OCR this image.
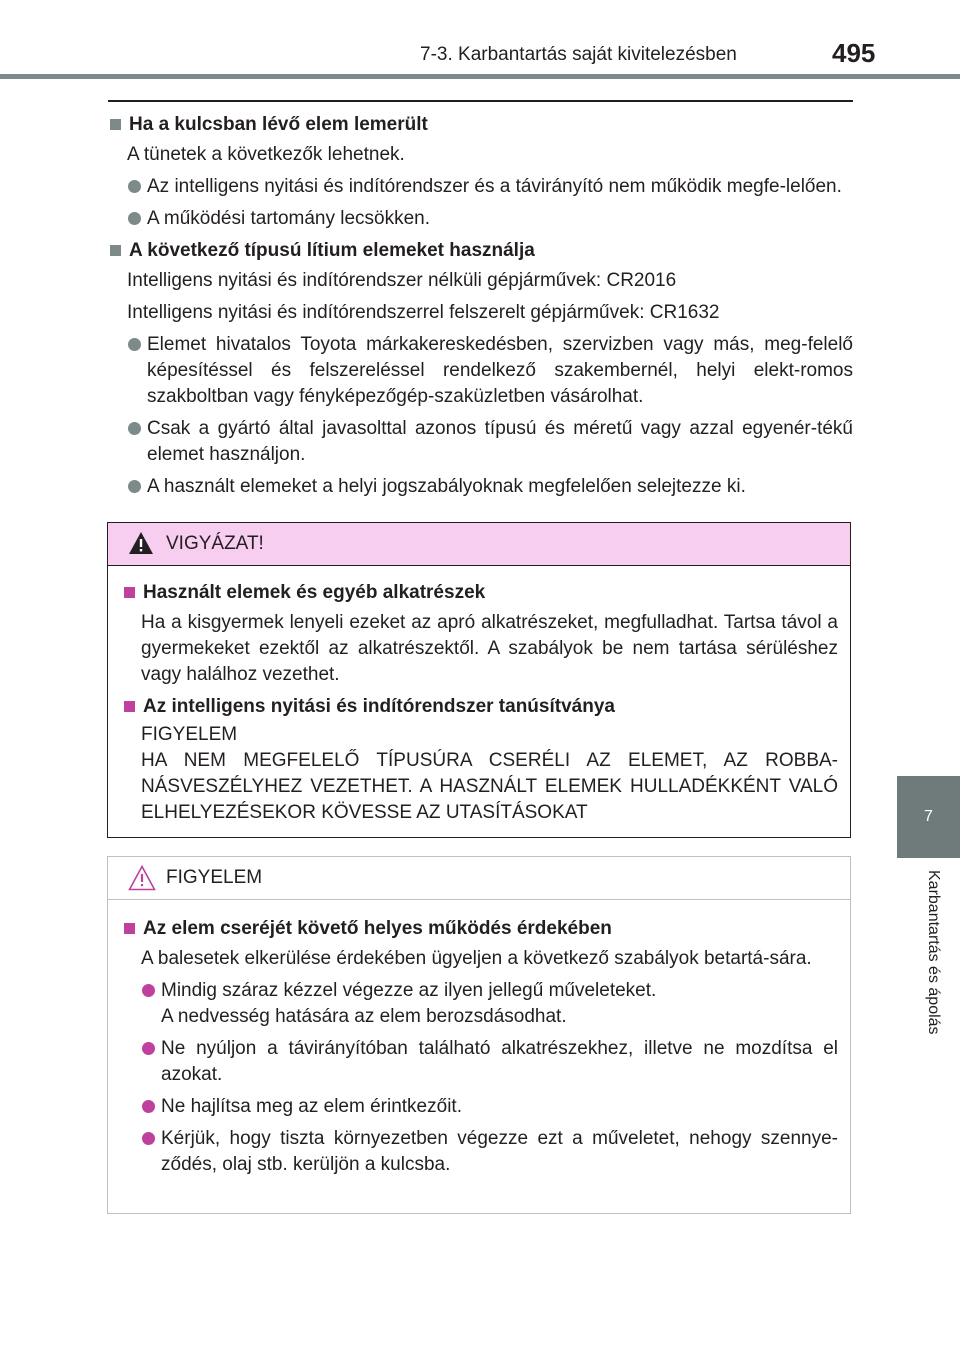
7-3. Karbantartás saját kivitelezésben	495
7
Karbantartás és ápolás
Ha a kulcsban lévő elem lemerült
A tünetek a következők lehetnek.
Az intelligens nyitási és indítórendszer és a távirányító nem működik megfe-lelően.
A működési tartomány lecsökken.
A következő típusú lítium elemeket használja
Intelligens nyitási és indítórendszer nélküli gépjárművek: CR2016
Intelligens nyitási és indítórendszerrel felszerelt gépjárművek: CR1632
Elemet hivatalos Toyota márkakereskedésben, szervizben vagy más, meg-felelő képesítéssel és felszereléssel rendelkező szakembernél, helyi elekt-romos szakboltban vagy fényképezőgép-szaküzletben vásárolhat.
Csak a gyártó által javasolttal azonos típusú és méretű vagy azzal egyenér-tékű elemet használjon.
A használt elemeket a helyi jogszabályoknak megfelelően selejtezze ki.
VIGYÁZAT!
Használt elemek és egyéb alkatrészek
Ha a kisgyermek lenyeli ezeket az apró alkatrészeket, megfulladhat. Tartsa távol a gyermekeket ezektől az alkatrészektől. A szabályok be nem tartása sérüléshez vagy halálhoz vezethet.
Az intelligens nyitási és indítórendszer tanúsítványa
FIGYELEM
HA NEM MEGFELELŐ TÍPUSÚRA CSERÉLI AZ ELEMET, AZ ROBBA-NÁSVESZÉLYHEZ VEZETHET. A HASZNÁLT ELEMEK HULLADÉKKÉNT VALÓ ELHELYEZÉSEKOR KÖVESSE AZ UTASÍTÁSOKAT
FIGYELEM
Az elem cseréjét követő helyes működés érdekében
A balesetek elkerülése érdekében ügyeljen a következő szabályok betartá-sára.
Mindig száraz kézzel végezze az ilyen jellegű műveleteket.
A nedvesség hatására az elem berozsdásodhat.
Ne nyúljon a távirányítóban található alkatrészekhez, illetve ne mozdítsa el azokat.
Ne hajlítsa meg az elem érintkezőit.
Kérjük, hogy tiszta környezetben végezze ezt a műveletet, nehogy szennye-ződés, olaj stb. kerüljön a kulcsba.
